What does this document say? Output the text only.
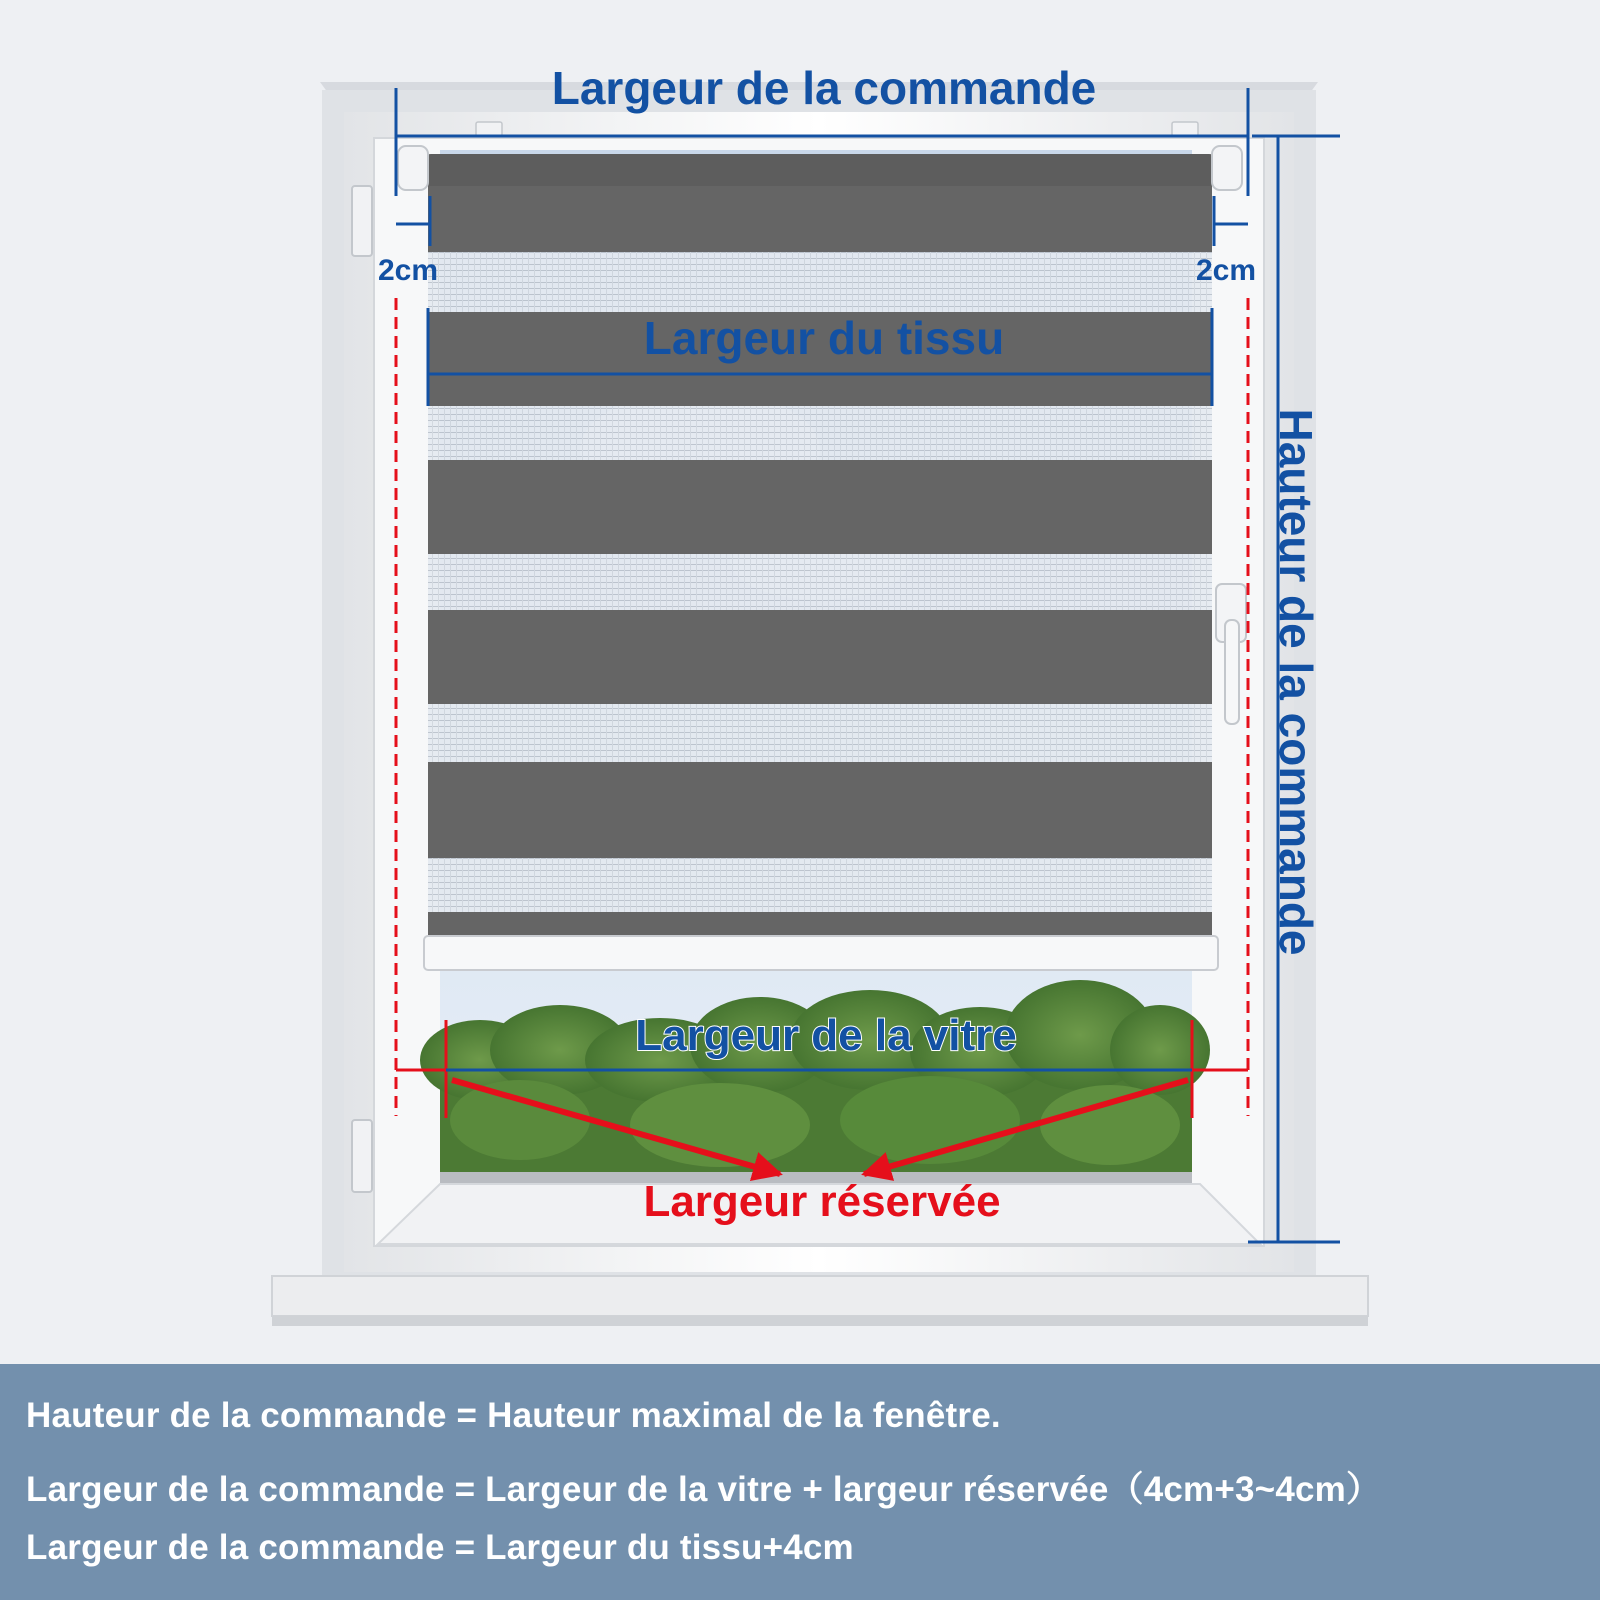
Largeur de la commande
2cm	2cm
Largeur du tissu
Hauteur de la commande
Largeur de la vitre
Largeur réservée
Hauteur de la commande = Hauteur maximal de la fenêtre.
Largeur de la commande = Largeur de la vitre + largeur réservée（4cm+3~4cm）
Largeur de la commande = Largeur du tissu+4cm
